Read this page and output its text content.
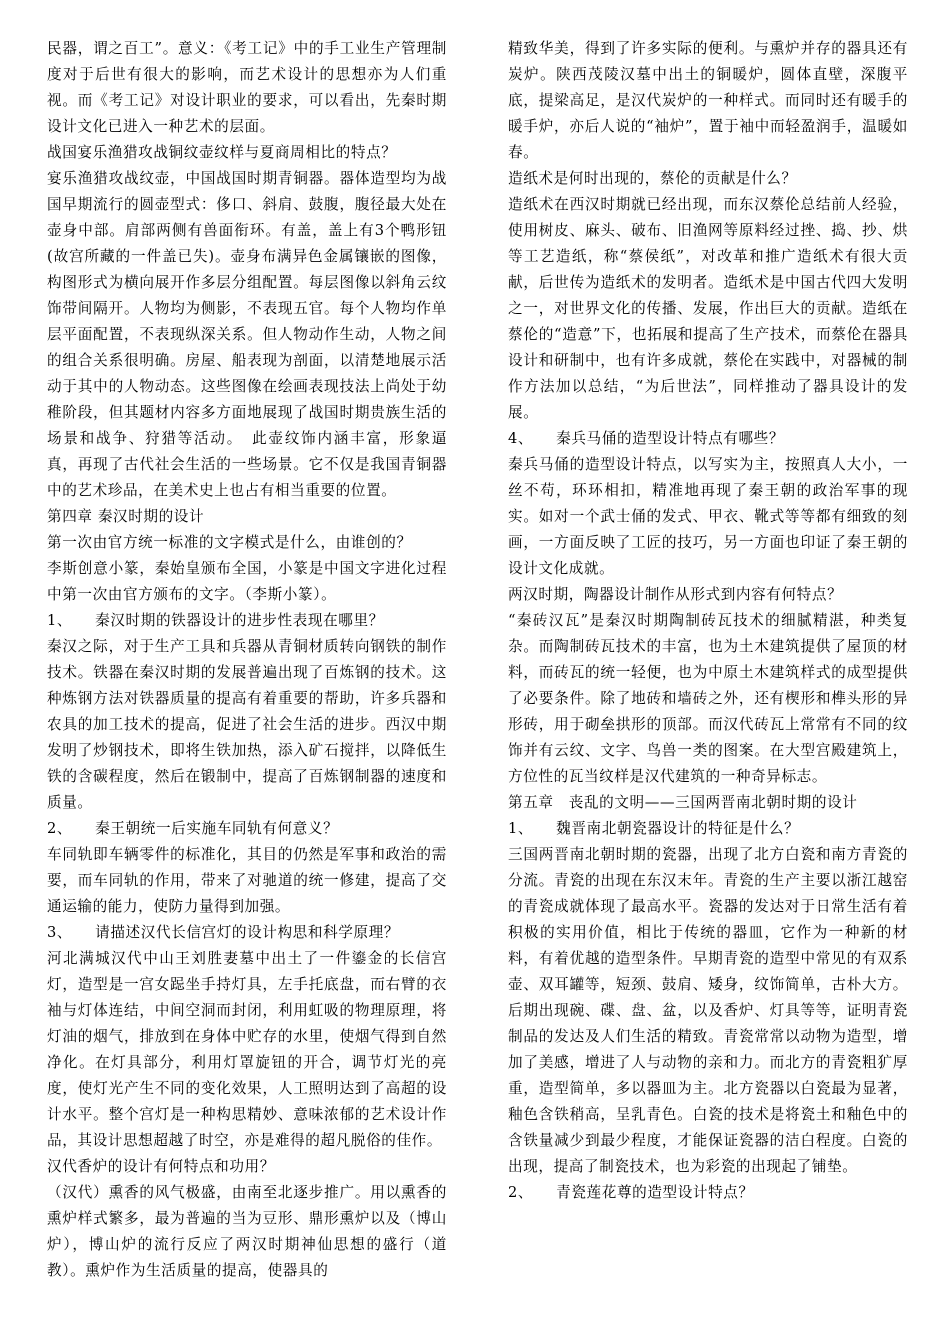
民器，谓之百工”。意义：《考工记》中的手工业生产管理制度对于后世有很大的影响，而艺术设计的思想亦为人们重视。而《考工记》对设计职业的要求，可以看出，先秦时期设计文化已进入一种艺术的层面。

战国宴乐渔猎攻战铜纹壶纹样与夏商周相比的特点？

宴乐渔猎攻战纹壶，中国战国时期青铜器。器体造型均为战国早期流行的圆壶型式：侈口、斜肩、鼓腹，腹径最大处在壶身中部。肩部两侧有兽面衔环。有盖，盖上有3个鸭形钮(故宫所藏的一件盖已失)。壶身布满异色金属镶嵌的图像，构图形式为横向展开作多层分组配置。每层图像以斜角云纹饰带间隔开。人物均为侧影，不表现五官。每个人物均作单层平面配置，不表现纵深关系。但人物动作生动，人物之间的组合关系很明确。房屋、船表现为剖面，以清楚地展示活动于其中的人物动态。这些图像在绘画表现技法上尚处于幼稚阶段，但其题材内容多方面地展现了战国时期贵族生活的场景和战争、狩猎等活动。　此壶纹饰内涵丰富，形象逼真，再现了古代社会生活的一些场景。它不仅是我国青铜器中的艺术珍品，在美术史上也占有相当重要的位置。

第四章 秦汉时期的设计

第一次由官方统一标准的文字模式是什么，由谁创的？

李斯创意小篆，秦始皇颁布全国，小篆是中国文字进化过程中第一次由官方颁布的文字。（李斯小篆）。

1、　　秦汉时期的铁器设计的进步性表现在哪里？

秦汉之际，对于生产工具和兵器从青铜材质转向钢铁的制作技术。铁器在秦汉时期的发展普遍出现了百炼钢的技术。这种炼钢方法对铁器质量的提高有着重要的帮助，许多兵器和农具的加工技术的提高，促进了社会生活的进步。西汉中期发明了炒钢技术，即将生铁加热，添入矿石搅拌，以降低生铁的含碳程度，然后在锻制中，提高了百炼钢制器的速度和质量。

2、　　秦王朝统一后实施车同轨有何意义？

车同轨即车辆零件的标准化，其目的仍然是军事和政治的需要，而车同轨的作用，带来了对驰道的统一修建，提高了交通运输的能力，使防力量得到加强。

3、　　请描述汉代长信宫灯的设计构思和科学原理？

河北满城汉代中山王刘胜妻墓中出土了一件鎏金的长信宫灯，造型是一宫女跽坐手持灯具，左手托底盘，而右臂的衣袖与灯体连结，中间空洞而封闭，利用虹吸的物理原理，将灯油的烟气，排放到在身体中贮存的水里，使烟气得到自然净化。在灯具部分，利用灯罩旋钮的开合，调节灯光的亮度，使灯光产生不同的变化效果，人工照明达到了高超的设计水平。整个宫灯是一种构思精妙、意味浓郁的艺术设计作品，其设计思想超越了时空，亦是难得的超凡脱俗的佳作。

汉代香炉的设计有何特点和功用？

（汉代）熏香的风气极盛，由南至北逐步推广。用以熏香的熏炉样式繁多，最为普遍的当为豆形、鼎形熏炉以及（博山炉），博山炉的流行反应了两汉时期神仙思想的盛行（道教）。熏炉作为生活质量的提高，使器具的

精致华美，得到了许多实际的便利。与熏炉并存的器具还有炭炉。陕西茂陵汉墓中出土的铜暖炉，圆体直壁，深腹平底，提梁高足，是汉代炭炉的一种样式。而同时还有暖手的暖手炉，亦后人说的“袖炉”，置于袖中而轻盈润手，温暖如春。

造纸术是何时出现的，蔡伦的贡献是什么？

造纸术在西汉时期就已经出现，而东汉蔡伦总结前人经验，使用树皮、麻头、破布、旧渔网等原料经过挫、捣、抄、烘等工艺造纸，称“蔡侯纸”，对改革和推广造纸术有很大贡献，后世传为造纸术的发明者。造纸术是中国古代四大发明之一，对世界文化的传播、发展，作出巨大的贡献。造纸在蔡伦的“造意”下，也拓展和提高了生产技术，而蔡伦在器具设计和研制中，也有许多成就，蔡伦在实践中，对器械的制作方法加以总结，“为后世法”，同样推动了器具设计的发展。

4、　　秦兵马俑的造型设计特点有哪些？

秦兵马俑的造型设计特点，以写实为主，按照真人大小，一丝不苟，环环相扣，精准地再现了秦王朝的政治军事的现实。如对一个武士俑的发式、甲衣、靴式等等都有细致的刻画，一方面反映了工匠的技巧，另一方面也印证了秦王朝的设计文化成就。

两汉时期，陶器设计制作从形式到内容有何特点？

“秦砖汉瓦”是秦汉时期陶制砖瓦技术的细腻精湛，种类复杂。而陶制砖瓦技术的丰富，也为土木建筑提供了屋顶的材料，而砖瓦的统一轻便，也为中原土木建筑样式的成型提供了必要条件。除了地砖和墙砖之外，还有楔形和榫头形的异形砖，用于砌垒拱形的顶部。而汉代砖瓦上常常有不同的纹饰并有云纹、文字、鸟兽一类的图案。在大型宫殿建筑上，方位性的瓦当纹样是汉代建筑的一种奇异标志。

第五章　丧乱的文明——三国两晋南北朝时期的设计

1、　　魏晋南北朝瓷器设计的特征是什么？

三国两晋南北朝时期的瓷器，出现了北方白瓷和南方青瓷的分流。青瓷的出现在东汉末年。青瓷的生产主要以浙江越窑的青瓷成就体现了最高水平。瓷器的发达对于日常生活有着积极的实用价值，相比于传统的器皿，它作为一种新的材料，有着优越的造型条件。早期青瓷的造型中常见的有双系壶、双耳罐等，短颈、鼓肩、矮身，纹饰简单，古朴大方。后期出现碗、碟、盘、盆，以及香炉、灯具等等，证明青瓷制品的发达及人们生活的精致。青瓷常常以动物为造型，增加了美感，增进了人与动物的亲和力。而北方的青瓷粗犷厚重，造型简单，多以器皿为主。北方瓷器以白瓷最为显著，釉色含铁稍高，呈乳青色。白瓷的技术是将瓷土和釉色中的含铁量减少到最少程度，才能保证瓷器的洁白程度。白瓷的出现，提高了制瓷技术，也为彩瓷的出现起了铺垫。

2、　　青瓷莲花尊的造型设计特点？
